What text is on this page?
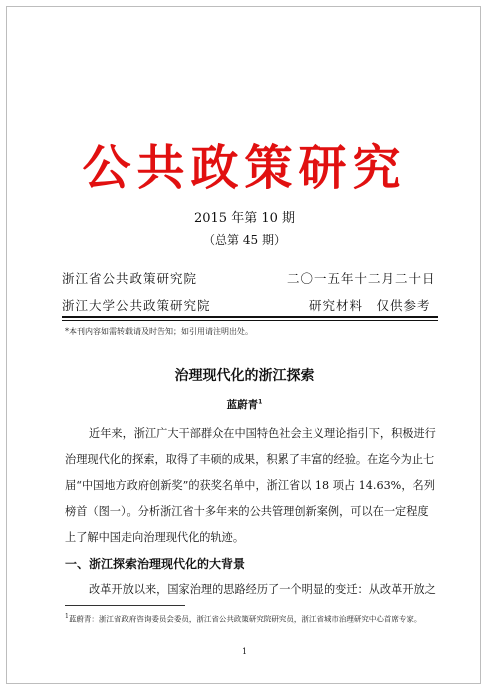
公共政策研究
2015 年第 10 期
（总第 45 期）
浙江省公共政策研究院	二〇一五年十二月二十日
浙江大学公共政策研究院	研究材料　仅供参考
*本刊内容如需转载请及时告知；如引用请注明出处。
治理现代化的浙江探索
蓝蔚青$^1$
近年来，浙江广大干部群众在中国特色社会主义理论指引下，积极进行
治理现代化的探索，取得了丰硕的成果，积累了丰富的经验。在迄今为止七
届“中国地方政府创新奖”的获奖名单中，浙江省以 18 项占 14.63%，名列
榜首（图一）。分析浙江省十多年来的公共管理创新案例，可以在一定程度
上了解中国走向治理现代化的轨迹。
一、浙江探索治理现代化的大背景
改革开放以来，国家治理的思路经历了一个明显的变迁：从改革开放之
$^1$蓝蔚青：浙江省政府咨询委员会委员，浙江省公共政策研究院研究员，浙江省城市治理研究中心首席专家。
1
